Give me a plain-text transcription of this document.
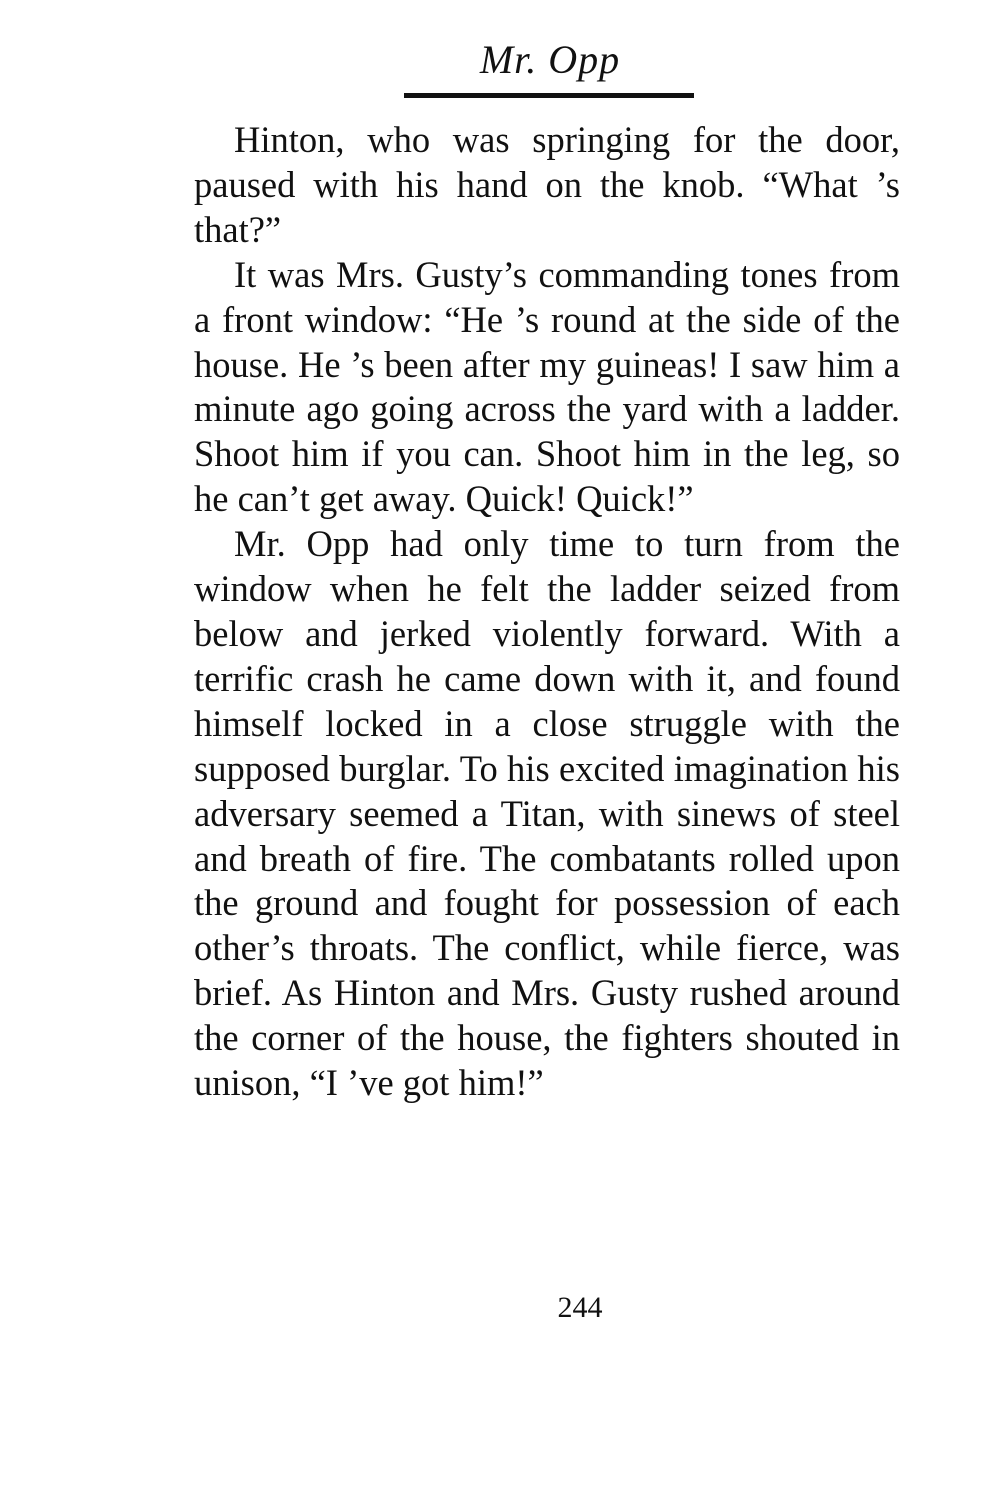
Mr. Opp

Hinton, who was springing for the door, paused with his hand on the knob. “What ’s that?”

It was Mrs. Gusty’s commanding tones from a front window: “He ’s round at the side of the house. He ’s been after my guineas! I saw him a minute ago going across the yard with a ladder. Shoot him if you can. Shoot him in the leg, so he can’t get away. Quick! Quick!”

Mr. Opp had only time to turn from the window when he felt the ladder seized from below and jerked violently forward. With a terrific crash he came down with it, and found himself locked in a close struggle with the supposed burglar. To his excited imagination his adversary seemed a Titan, with sinews of steel and breath of fire. The combatants rolled upon the ground and fought for possession of each other’s throats. The conflict, while fierce, was brief. As Hinton and Mrs. Gusty rushed around the corner of the house, the fighters shouted in unison, “I ’ve got him!”

244
